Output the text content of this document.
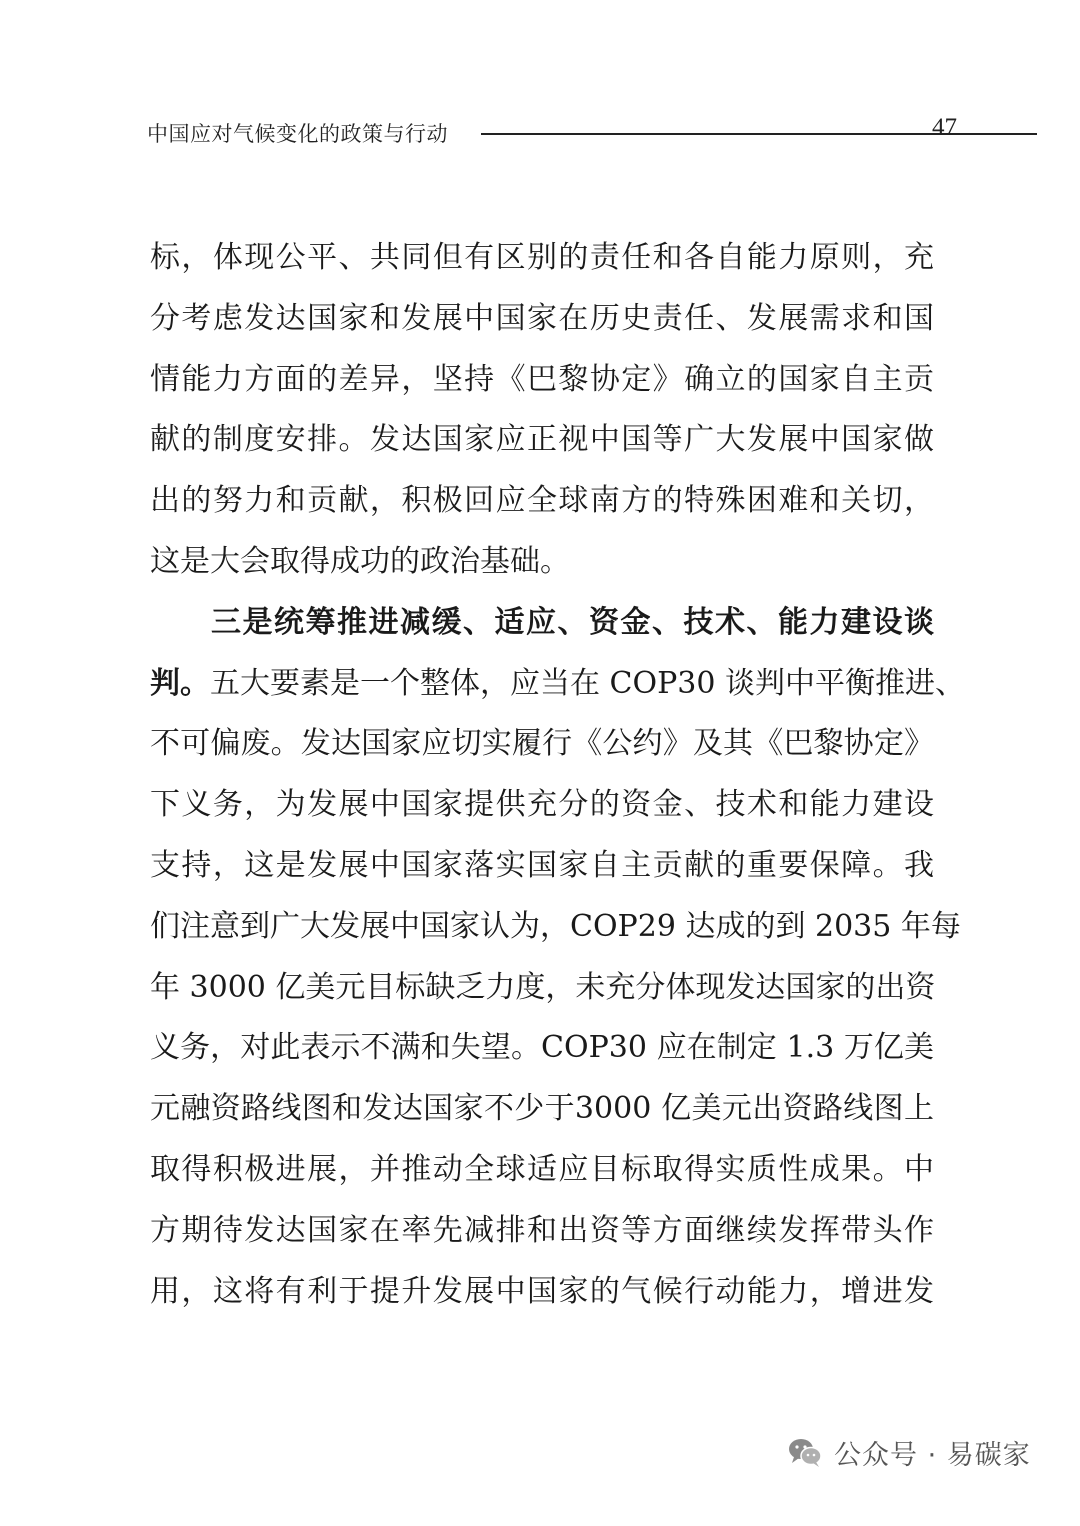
中国应对气候变化的政策与行动	47
标，体现公平、共同但有区别的责任和各自能力原则，充
分考虑发达国家和发展中国家在历史责任、发展需求和国
情能力方面的差异，坚持《巴黎协定》确立的国家自主贡
献的制度安排。发达国家应正视中国等广大发展中国家做
出的努力和贡献，积极回应全球南方的特殊困难和关切，
这是大会取得成功的政治基础。
三是统筹推进减缓、适应、资金、技术、能力建设谈
判。五大要素是一个整体，应当在 COP30 谈判中平衡推进、
不可偏废。发达国家应切实履行《公约》及其《巴黎协定》
下义务，为发展中国家提供充分的资金、技术和能力建设
支持，这是发展中国家落实国家自主贡献的重要保障。我
们注意到广大发展中国家认为，COP29 达成的到 2035 年每
年 3000 亿美元目标缺乏力度，未充分体现发达国家的出资
义务，对此表示不满和失望。COP30 应在制定 1.3 万亿美
元融资路线图和发达国家不少于3000 亿美元出资路线图上
取得积极进展，并推动全球适应目标取得实质性成果。中
方期待发达国家在率先减排和出资等方面继续发挥带头作
用，这将有利于提升发展中国家的气候行动能力，增进发
公众号 · 易碳家
